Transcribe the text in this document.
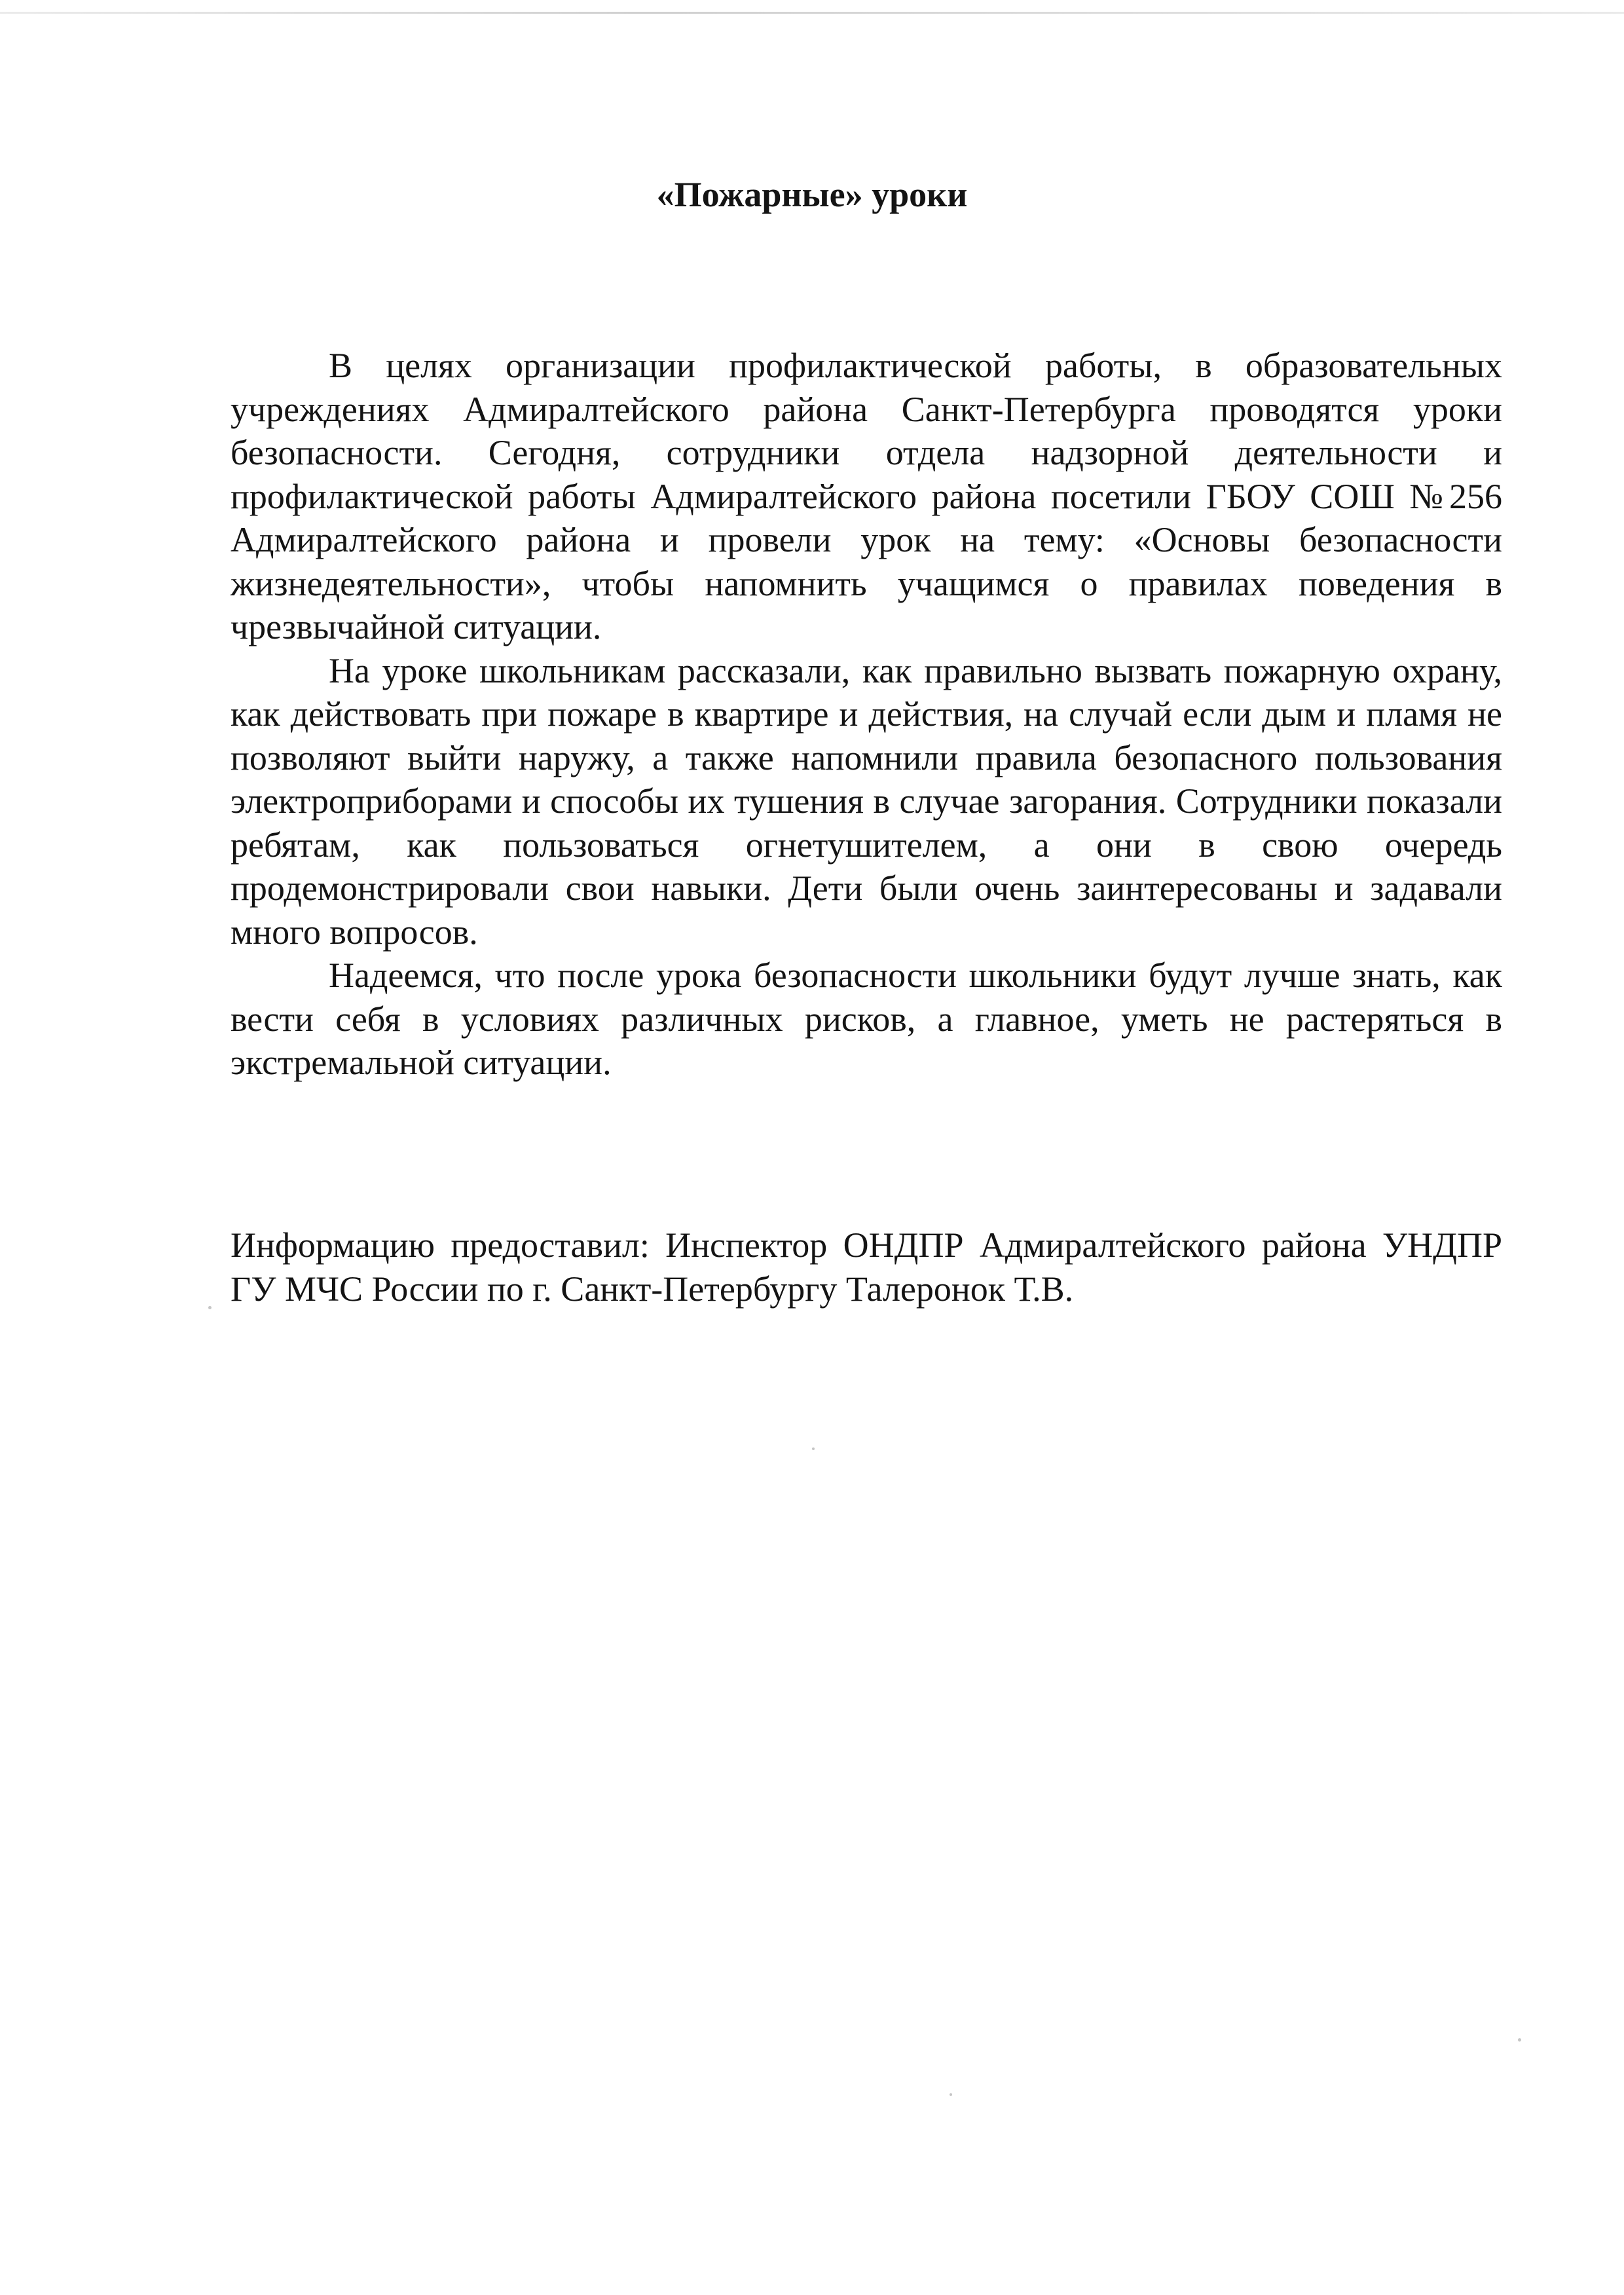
«Пожарные» уроки

В целях организации профилактической работы, в образовательных учреждениях Адмиралтейского района Санкт-Петербурга проводятся уроки безопасности. Сегодня, сотрудники отдела надзорной деятельности и профилактической работы Адмиралтейского района посетили ГБОУ СОШ №256 Адмиралтейского района и провели урок на тему: «Основы безопасности жизнедеятельности», чтобы напомнить учащимся о правилах поведения в чрезвычайной ситуации.

На уроке школьникам рассказали, как правильно вызвать пожарную охрану, как действовать при пожаре в квартире и действия, на случай если дым и пламя не позволяют выйти наружу, а также напомнили правила безопасного пользования электроприборами и способы их тушения в случае загорания. Сотрудники показали ребятам, как пользоваться огнетушителем, а они в свою очередь продемонстрировали свои навыки. Дети были очень заинтересованы и задавали много вопросов.

Надеемся, что после урока безопасности школьники будут лучше знать, как вести себя в условиях различных рисков, а главное, уметь не растеряться в экстремальной ситуации.

Информацию предоставил: Инспектор ОНДПР Адмиралтейского района УНДПР ГУ МЧС России по г. Санкт-Петербургу Талеронок Т.В.
